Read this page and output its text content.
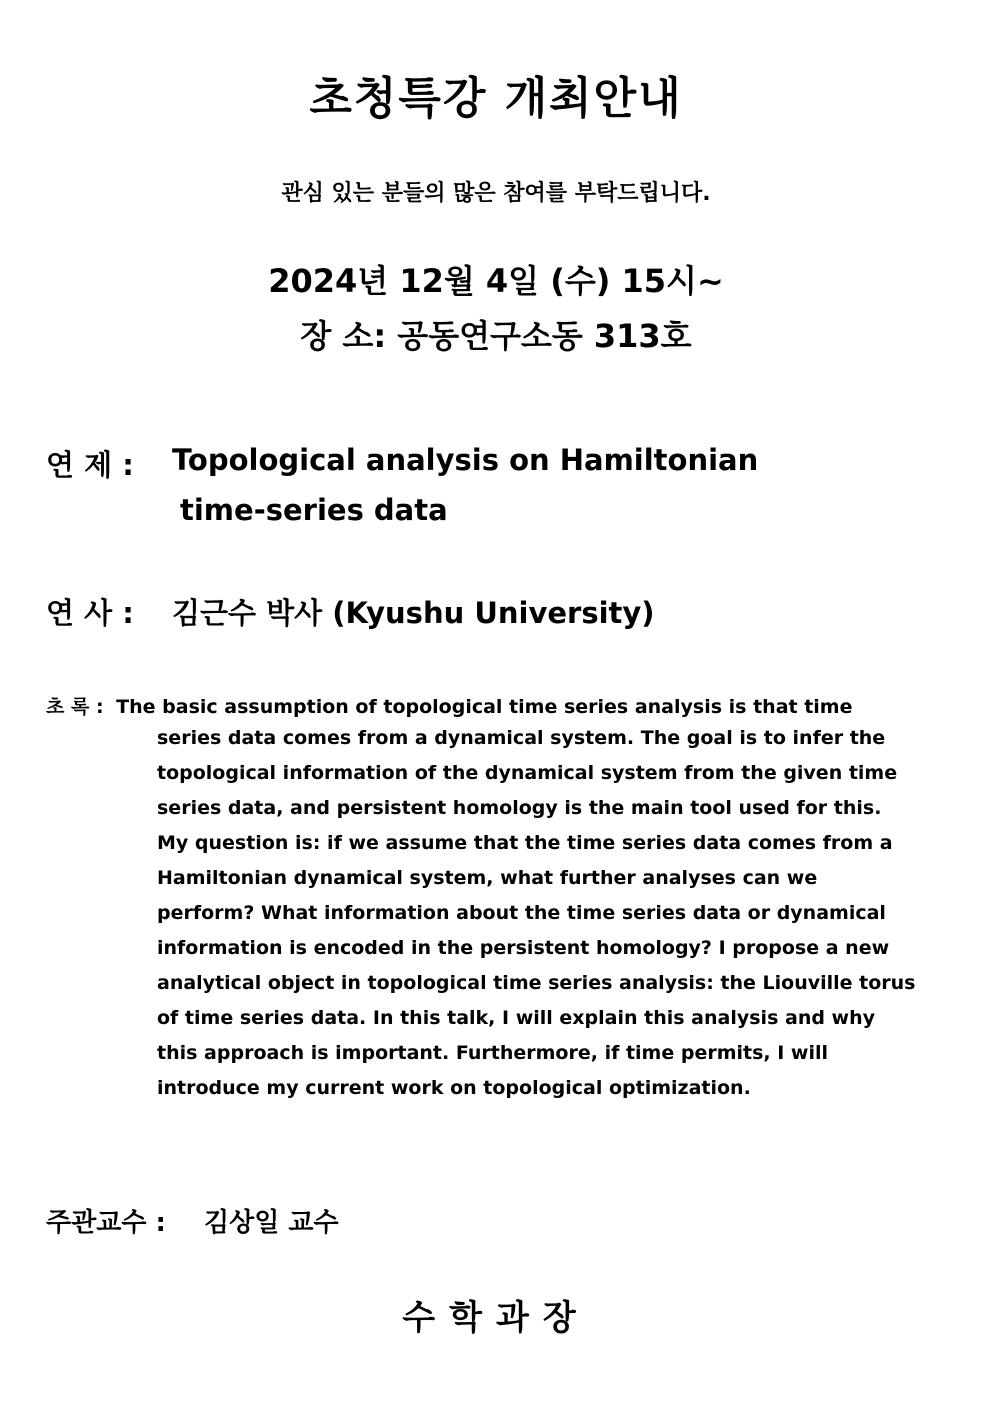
초청특강 개최안내
관심 있는 분들의 많은 참여를 부탁드립니다.
2024년 12월 4일 (수) 15시~
장 소: 공동연구소동 313호
연 제 : Topological analysis on Hamiltonian
time-series data
연 사 : 김근수 박사 (Kyushu University)
초 록 : The basic assumption of topological time series analysis is that time
series data comes from a dynamical system. The goal is to infer the
topological information of the dynamical system from the given time
series data, and persistent homology is the main tool used for this.
My question is: if we assume that the time series data comes from a
Hamiltonian dynamical system, what further analyses can we
perform? What information about the time series data or dynamical
information is encoded in the persistent homology? I propose a new
analytical object in topological time series analysis: the Liouville torus
of time series data. In this talk, I will explain this analysis and why
this approach is important. Furthermore, if time permits, I will
introduce my current work on topological optimization.
주관교수 : 김상일 교수
수학과장
